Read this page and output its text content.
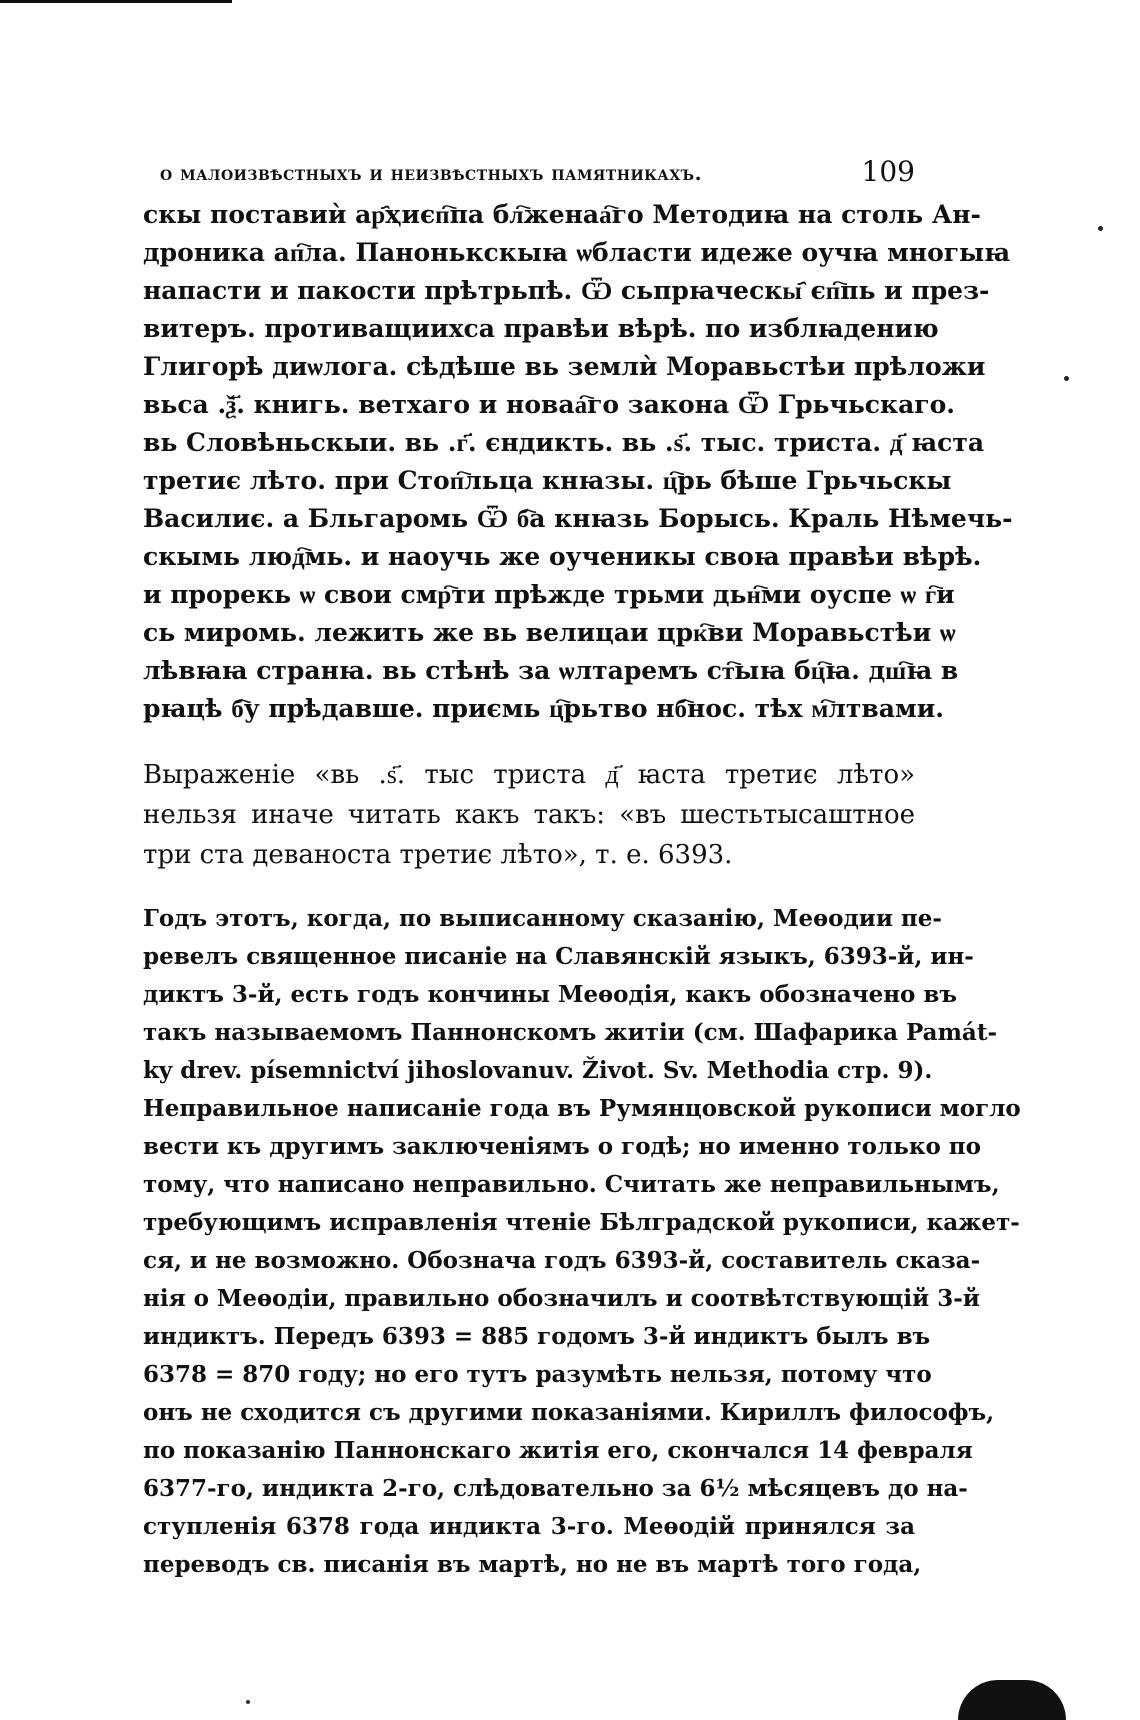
о малоизвѣстныхъ и неизвѣстныхъ памятникахъ.	109
скы поставиѝ ар҄ҳиєп҇па бл҇женаа҇го Методиꙗ на столь Ан-
дроника ап҇ла. Панонькскыꙗ ѡбласти идеже оучꙗ многыꙗ
напасти и пакости прѣтрьпѣ. Ѿ сьпрꙗческы҄ єп҇пь и през-
витеръ. противащиихса правѣи вѣрѣ. по изблꙗдению
Глигорѣ диѡлога. сѣдѣше вь землѝ Моравьстѣи прѣложи
вьса .ѯ҃. книгь. ветхаго и новаа҇го закона Ѿ Грьчьскаго.
вь Словѣньскыи. вь .г҃. єндикть. вь .ѕ҃. тыс. триста. д҃ ꙗста
третиє лѣто. при Стоп҇льца кнꙗзы. ц҇рь бѣше Грьчьскы
Василиє. а Бльгаромь Ѿ б҇а кнꙗзь Борысь. Краль Нѣмечь-
скымь люд҇мь. и наоучь же оученикы своꙗ правѣи вѣрѣ.
и прорекь ѡ свои смр҇ти прѣжде трьми дьн҇ми оуспе ѡ г҇и
сь миромь. лежить же вь велицаи црк҇ви Моравьстѣи ѡ
лѣвꙗꙗ странꙗ. вь стѣнѣ за ѡлтаремъ ст҇ыꙗ бц҇ꙗ. дш҇ꙗ в
рꙗцѣ б҇у прѣдавше. приємь ц҇рьтво нб҇нос. тѣх м҇лтвами.
Выраженіе «вь .ѕ҃. тыс триста д҃ ꙗста третиє лѣто»
нельзя иначе читать какъ такъ: «въ шестьтысаштное
три ста деваноста третиє лѣто», т. е. 6393.
Годъ этотъ, когда, по выписанному сказанію, Меѳодии пе-
ревелъ священное писаніе на Славянскій языкъ, 6393-й, ин-
диктъ 3-й, есть годъ кончины Меѳодія, какъ обозначено въ
такъ называемомъ Паннонскомъ житіи (см. Шафарика Památ-
ky drev. písemnictví jihoslovanuv. Život. Sv. Methodia стр. 9).
Неправильное написаніе года въ Румянцовской рукописи могло
вести къ другимъ заключеніямъ о годѣ; но именно только по
тому, что написано неправильно. Считать же неправильнымъ,
требующимъ исправленія чтеніе Бѣлградской рукописи, кажет-
ся, и не возможно. Обознача годъ 6393-й, составитель сказа-
нія о Меѳодіи, правильно обозначилъ и соотвѣтствующій 3-й
индиктъ. Передъ 6393 = 885 годомъ 3-й индиктъ былъ въ
6378 = 870 году; но его тутъ разумѣть нельзя, потому что
онъ не сходится съ другими показаніями. Кириллъ философъ,
по показанію Паннонскаго житія его, скончался 14 февраля
6377-го, индикта 2-го, слѣдовательно за 6½ мѣсяцевъ до на-
ступленія 6378 года индикта 3-го. Меѳодій принялся за
переводъ св. писанія въ мартѣ, но не въ мартѣ того года,
